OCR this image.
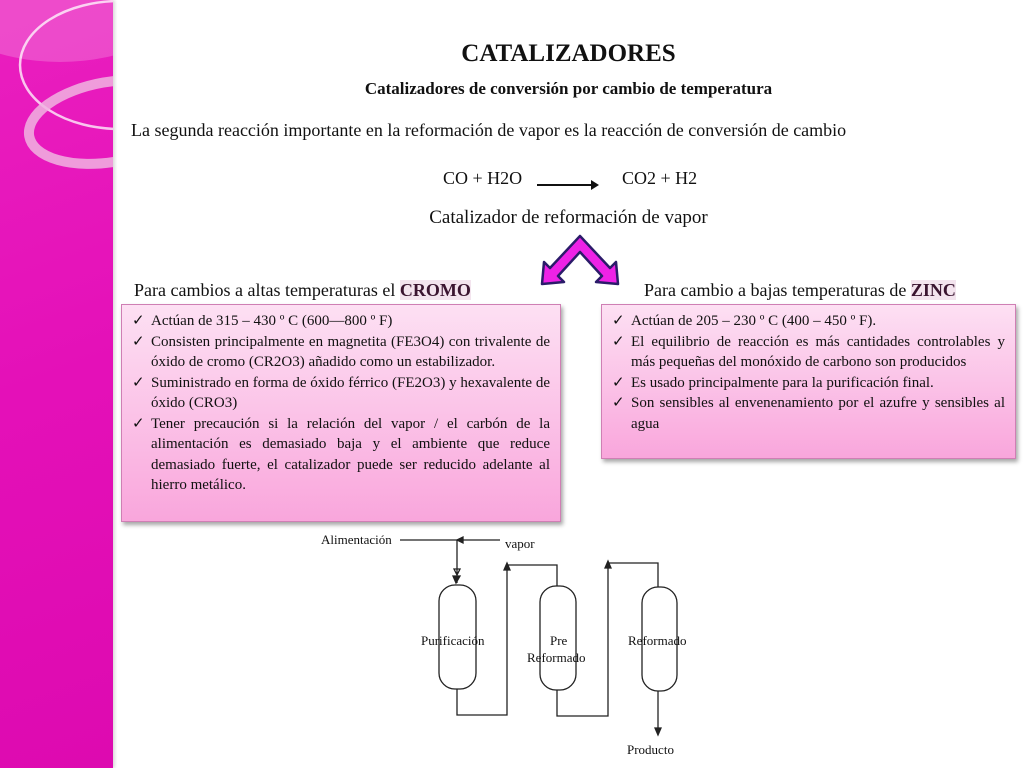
CATALIZADORES
Catalizadores de conversión por cambio de temperatura
La segunda reacción importante en la reformación de vapor es la reacción de conversión de cambio
CO + H2O → CO2 + H2
Catalizador de reformación de vapor
Para cambios a altas temperaturas el CROMO	Para cambio a bajas temperaturas de ZINC
✓ Actúan de 315 – 430 º C (600—800 º F)
✓ Consisten principalmente en magnetita (FE3O4) con trivalente de óxido de cromo (CR2O3) añadido como un estabilizador.
✓ Suministrado en forma de óxido férrico (FE2O3) y hexavalente de óxido (CRO3)
✓ Tener precaución si la relación del vapor / el carbón de la alimentación es demasiado baja y el ambiente que reduce demasiado fuerte, el catalizador puede ser reducido adelante al hierro metálico.
✓ Actúan de 205 – 230 º C (400 – 450 º F).
✓ El equilibrio de reacción es más cantidades controlables y más pequeñas del monóxido de carbono son producidos
✓ Es usado principalmente para la purificación final.
✓ Son sensibles al envenenamiento por el azufre y sensibles al agua
Alimentación	vapor
Purificación	Pre
Reformado
Reformado
Producto
